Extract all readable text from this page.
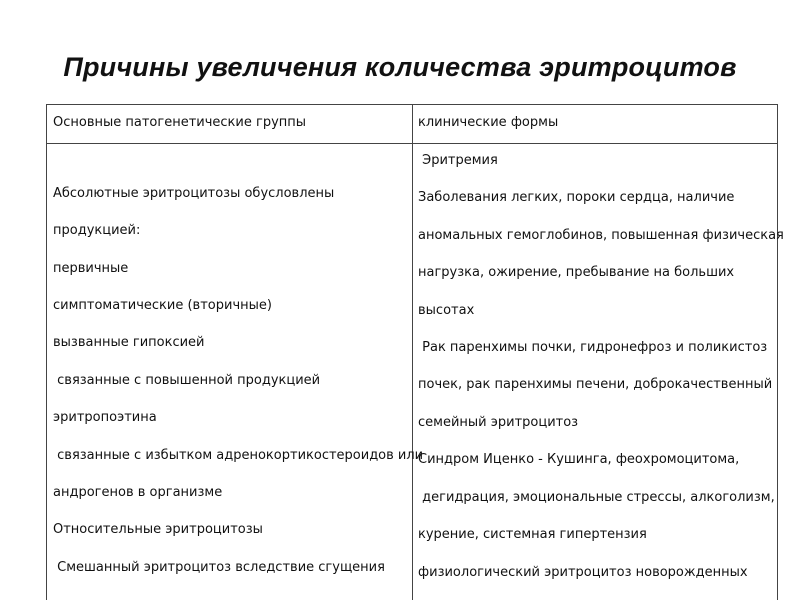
Причины увеличения количества эритроцитов
Основные патогенетические группы	клинические формы
Абсолютные эритроцитозы обусловлены
продукцией:
первичные
симптоматические (вторичные)
вызванные гипоксией
связанные с повышенной продукцией
эритропоэтина
связанные с избытком адренокортикостероидов или
андрогенов в организме
Относительные эритроцитозы
Смешанный эритроцитоз вследствие сгущения
Эритремия
Заболевания легких, пороки сердца, наличие
аномальных гемоглобинов, повышенная физическая
нагрузка, ожирение, пребывание на больших
высотах
Рак паренхимы почки, гидронефроз и поликистоз
почек, рак паренхимы печени, доброкачественный
семейный эритроцитоз
Синдром Иценко - Кушинга, феохромоцитома,
дегидрация, эмоциональные стрессы, алкоголизм,
курение, системная гипертензия
физиологический эритроцитоз новорожденных
